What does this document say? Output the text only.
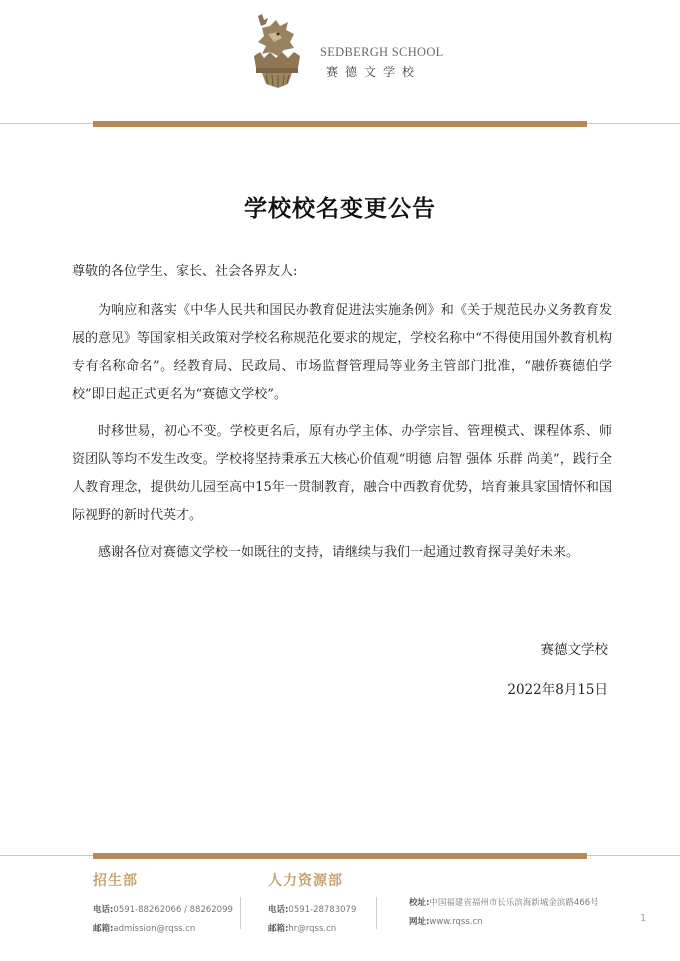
SEDBERGH SCHOOL
赛德文学校
学校校名变更公告

尊敬的各位学生、家长、社会各界友人:

为响应和落实《中华人民共和国民办教育促进法实施条例》和《关于规范民办义务教育发展的意见》等国家相关政策对学校名称规范化要求的规定，学校名称中“不得使用国外教育机构专有名称命名”。经教育局、民政局、市场监督管理局等业务主管部门批准，“融侨赛德伯学校”即日起正式更名为“赛德文学校”。

时移世易，初心不变。学校更名后，原有办学主体、办学宗旨、管理模式、课程体系、师资团队等均不发生改变。学校将坚持秉承五大核心价值观“明德 启智 强体 乐群 尚美”，践行全人教育理念，提供幼儿园至高中15年一贯制教育，融合中西教育优势，培育兼具家国情怀和国际视野的新时代英才。

感谢各位对赛德文学校一如既往的支持，请继续与我们一起通过教育探寻美好未来。

赛德文学校
2022年8月15日
招生部
电话:0591-88262066 / 88262099
邮箱:admission@rqss.cn
人力资源部
电话:0591-28783079
邮箱:hr@rqss.cn
校址:中国福建省福州市长乐滨海新城金滨路466号
网址:www.rqss.cn	1
